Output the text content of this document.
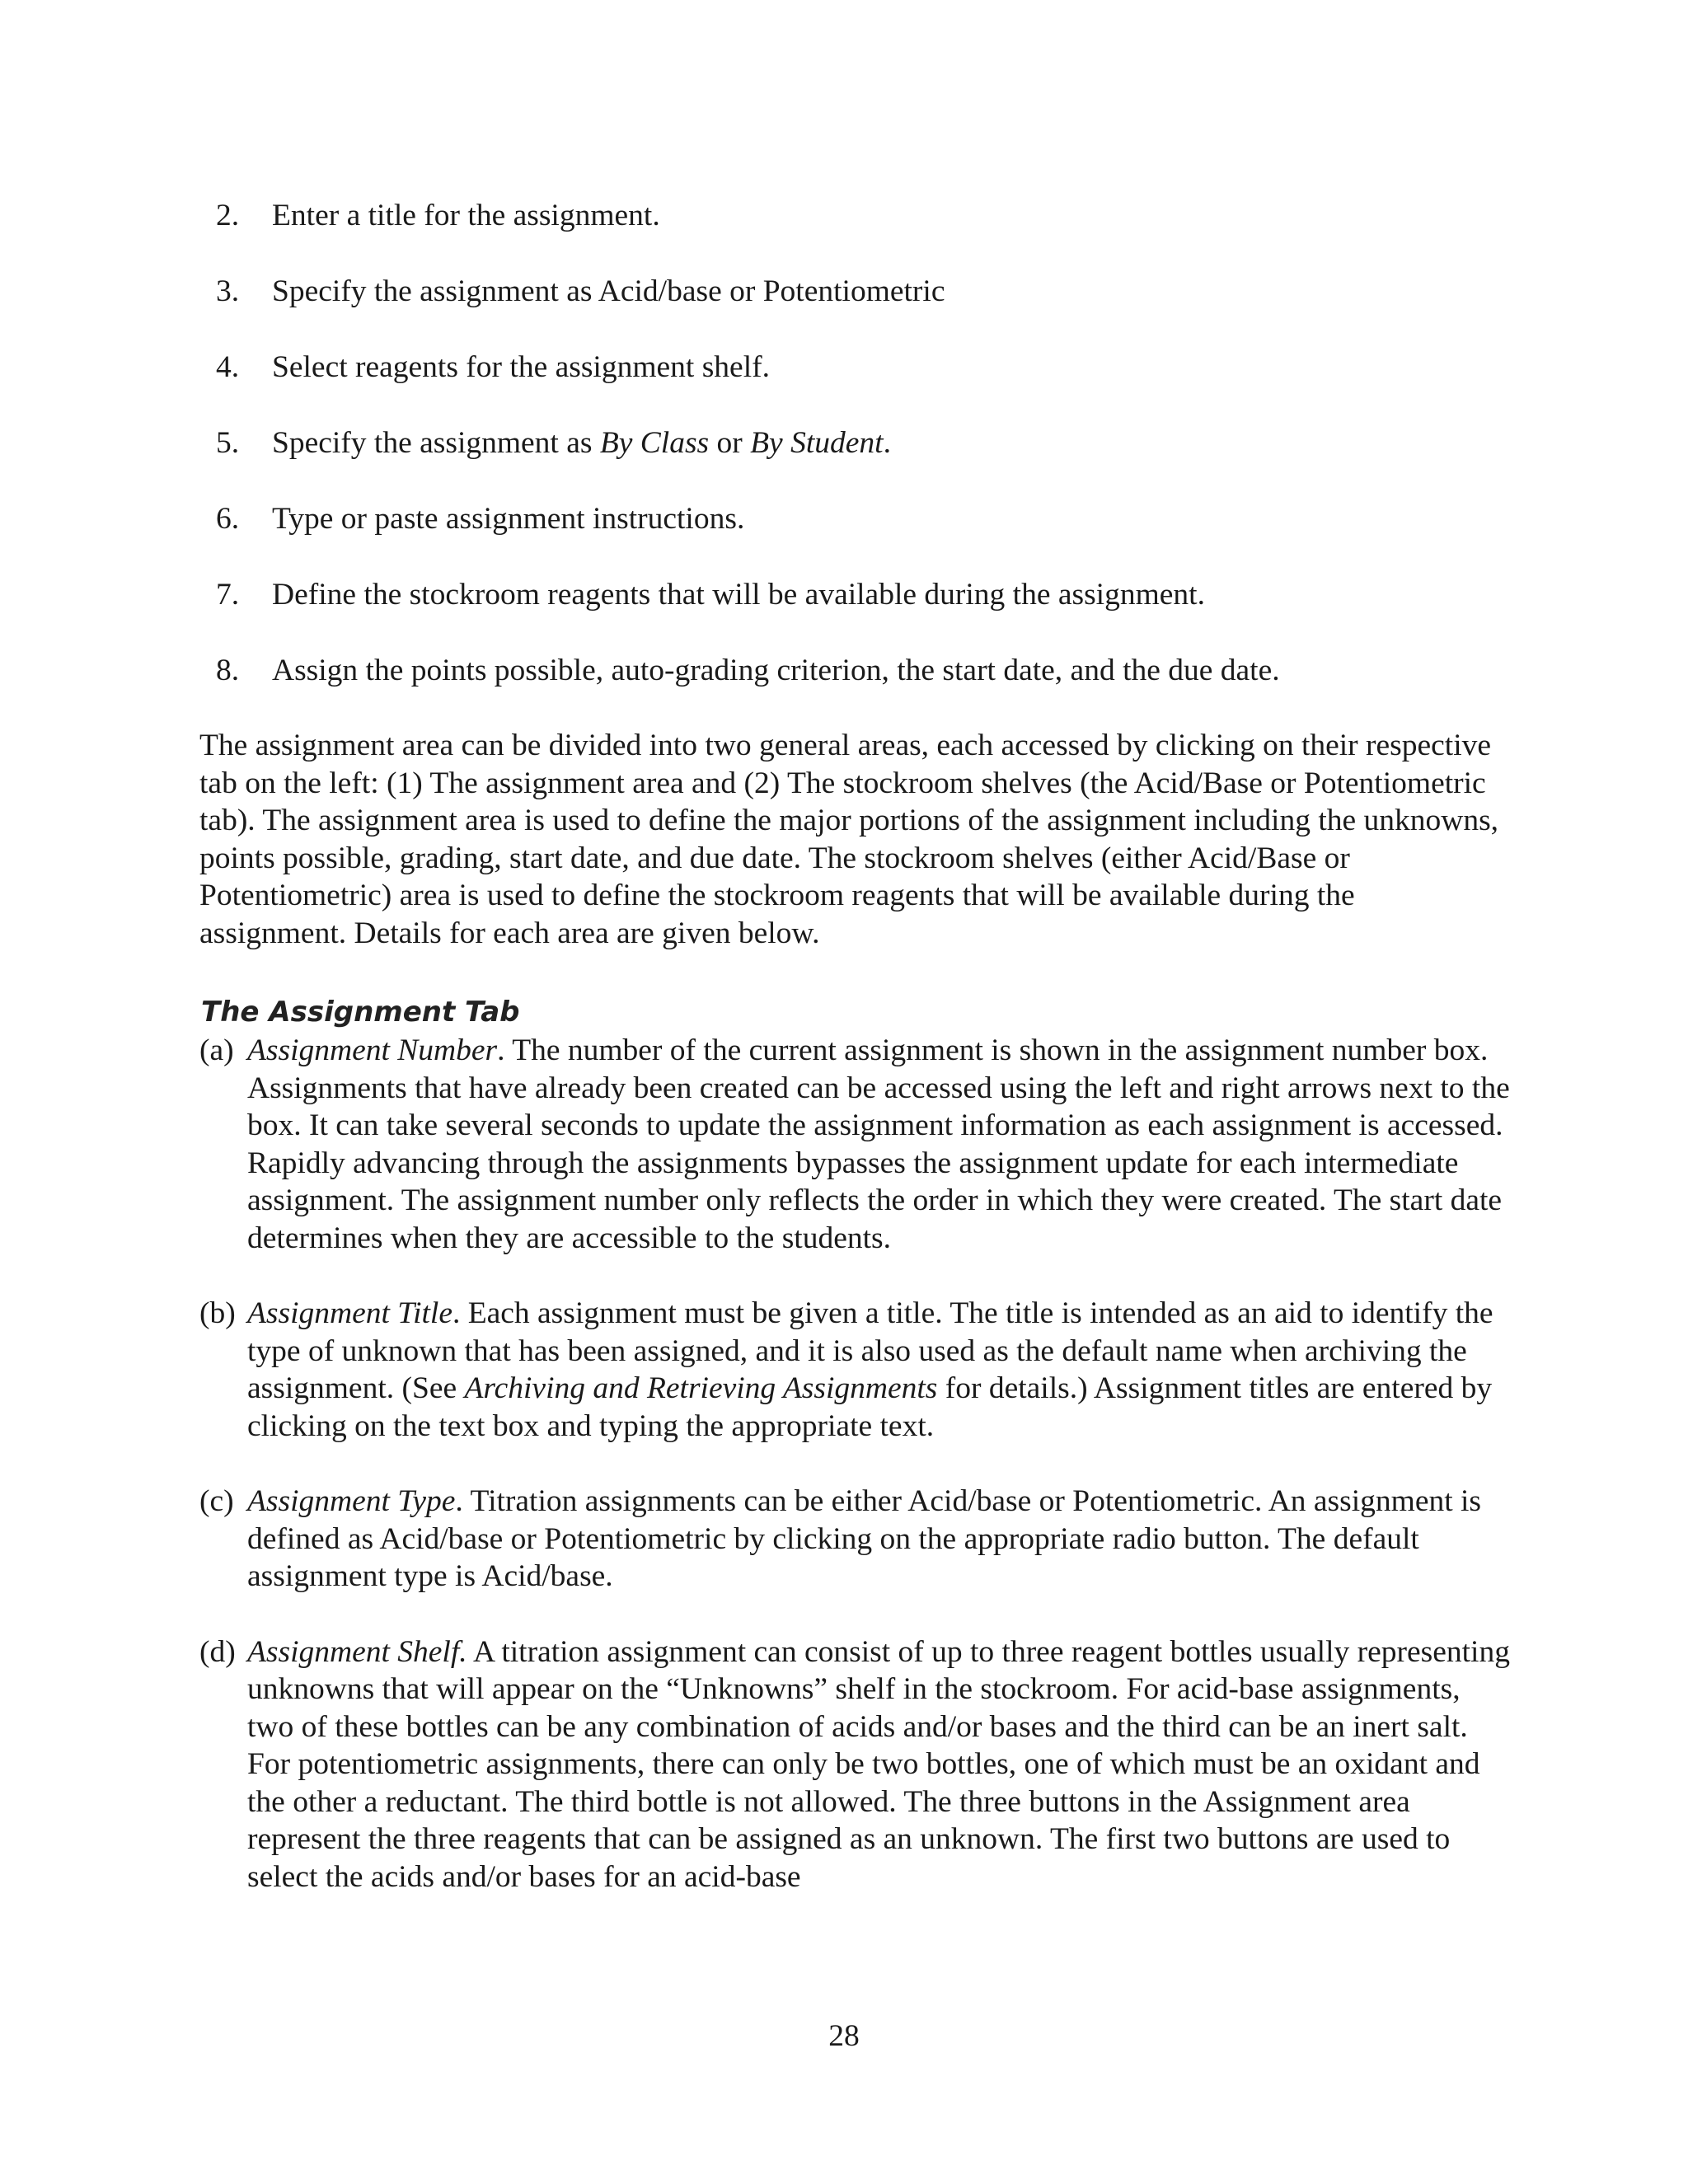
2.	Enter a title for the assignment.
3.	Specify the assignment as Acid/base or Potentiometric
4.	Select reagents for the assignment shelf.
5.	Specify the assignment as By Class or By Student.
6.	Type or paste assignment instructions.
7.	Define the stockroom reagents that will be available during the assignment.
8.	Assign the points possible, auto-grading criterion, the start date, and the due date.

The assignment area can be divided into two general areas, each accessed by clicking on their respective tab on the left: (1) The assignment area and (2) The stockroom shelves (the Acid/Base or Potentiometric tab). The assignment area is used to define the major portions of the assignment including the unknowns, points possible, grading, start date, and due date. The stockroom shelves (either Acid/Base or Potentiometric) area is used to define the stockroom reagents that will be available during the assignment. Details for each area are given below.

The Assignment Tab
(a) Assignment Number. The number of the current assignment is shown in the assignment number box. Assignments that have already been created can be accessed using the left and right arrows next to the box. It can take several seconds to update the assignment information as each assignment is accessed. Rapidly advancing through the assignments bypasses the assignment update for each intermediate assignment. The assignment number only reflects the order in which they were created. The start date determines when they are accessible to the students.
(b) Assignment Title. Each assignment must be given a title. The title is intended as an aid to identify the type of unknown that has been assigned, and it is also used as the default name when archiving the assignment. (See Archiving and Retrieving Assignments for details.) Assignment titles are entered by clicking on the text box and typing the appropriate text.
(c) Assignment Type. Titration assignments can be either Acid/base or Potentiometric. An assignment is defined as Acid/base or Potentiometric by clicking on the appropriate radio button. The default assignment type is Acid/base.
(d) Assignment Shelf. A titration assignment can consist of up to three reagent bottles usually representing unknowns that will appear on the “Unknowns” shelf in the stockroom. For acid-base assignments, two of these bottles can be any combination of acids and/or bases and the third can be an inert salt. For potentiometric assignments, there can only be two bottles, one of which must be an oxidant and the other a reductant. The third bottle is not allowed. The three buttons in the Assignment area represent the three reagents that can be assigned as an unknown. The first two buttons are used to select the acids and/or bases for an acid-base
28
